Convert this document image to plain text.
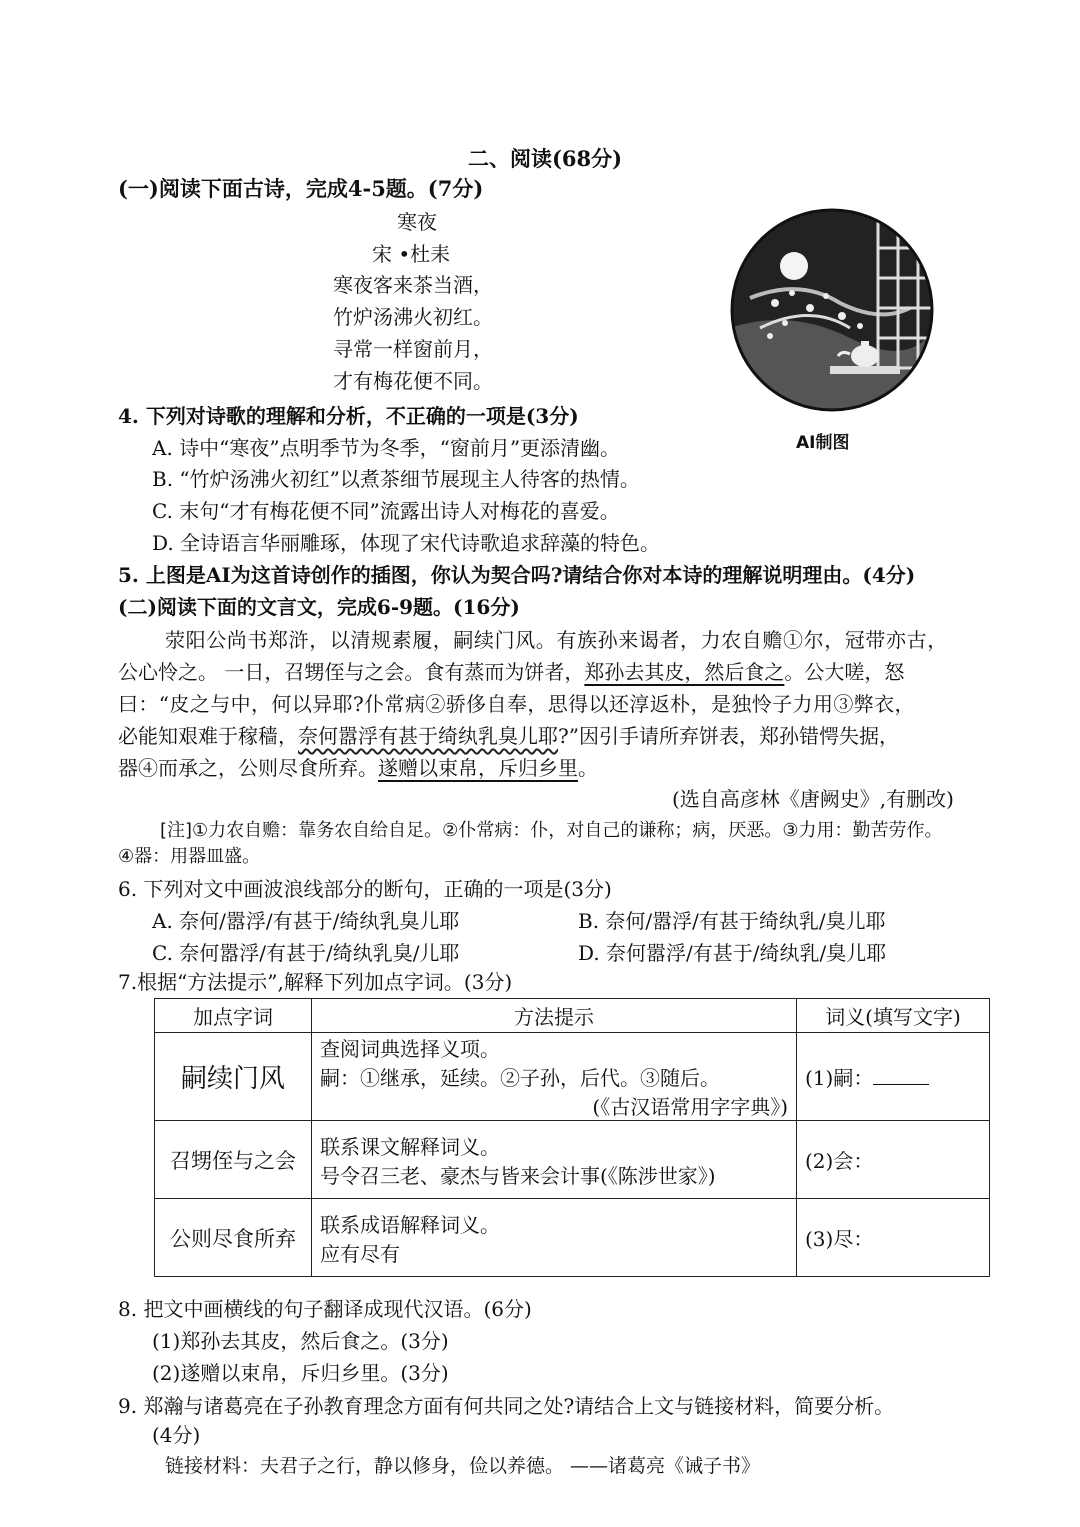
二、阅读(68分)
(一)阅读下面古诗，完成4-5题。(7分)
寒夜
宋 •杜耒
寒夜客来茶当酒，
竹炉汤沸火初红。
寻常一样窗前月，
才有梅花便不同。
AI制图
4. 下列对诗歌的理解和分析，不正确的一项是(3分)
A. 诗中“寒夜”点明季节为冬季，“窗前月”更添清幽。
B. “竹炉汤沸火初红”以煮茶细节展现主人待客的热情。
C. 末句“才有梅花便不同”流露出诗人对梅花的喜爱。
D. 全诗语言华丽雕琢，体现了宋代诗歌追求辞藻的特色。
5. 上图是AI为这首诗创作的插图，你认为契合吗?请结合你对本诗的理解说明理由。(4分)
(二)阅读下面的文言文，完成6-9题。(16分)
荥阳公尚书郑浒，以清规素履，嗣续门风。有族孙来谒者，力农自赡①尔，冠带亦古，
公心怜之。 一日，召甥侄与之会。食有蒸而为饼者，郑孙去其皮，然后食之。公大嗟，怒
曰：“皮之与中，何以异耶?仆常病②骄侈自奉，思得以还淳返朴，是独怜子力用③弊衣，
必能知艰难于稼穑，奈何嚣浮有甚于绮纨乳臭儿耶?”因引手请所弃饼表，郑孙错愕失据，
器④而承之，公则尽食所弃。遂赠以束帛，斥归乡里。
(选自高彦林《唐阙史》,有删改)
[注]①力农自赡：靠务农自给自足。②仆常病：仆，对自己的谦称；病，厌恶。③力用：勤苦劳作。
④器：用器皿盛。
6. 下列对文中画波浪线部分的断句，正确的一项是(3分)
A. 奈何/嚣浮/有甚于/绮纨乳臭儿耶	B. 奈何/嚣浮/有甚于绮纨乳/臭儿耶
C. 奈何嚣浮/有甚于/绮纨乳臭/儿耶	D. 奈何嚣浮/有甚于/绮纨乳/臭儿耶
7.根据“方法提示”,解释下列加点字词。(3分)
加点字词	方法提示	词义(填写文字)
嗣续门风	查阅词典选择义项。
嗣：①继承，延续。②子孙，后代。③随后。
(《古汉语常用字字典》)	(1)嗣：
召甥侄与之会	联系课文解释词义。
号令召三老、豪杰与皆来会计事(《陈涉世家》)	(2)会：
公则尽食所弃	联系成语解释词义。
应有尽有	(3)尽：
8. 把文中画横线的句子翻译成现代汉语。(6分)
(1)郑孙去其皮，然后食之。(3分)
(2)遂赠以束帛，斥归乡里。(3分)
9. 郑瀚与诸葛亮在子孙教育理念方面有何共同之处?请结合上文与链接材料，简要分析。
(4分)
链接材料：夫君子之行，静以修身，俭以养德。 ——诸葛亮《诫子书》
